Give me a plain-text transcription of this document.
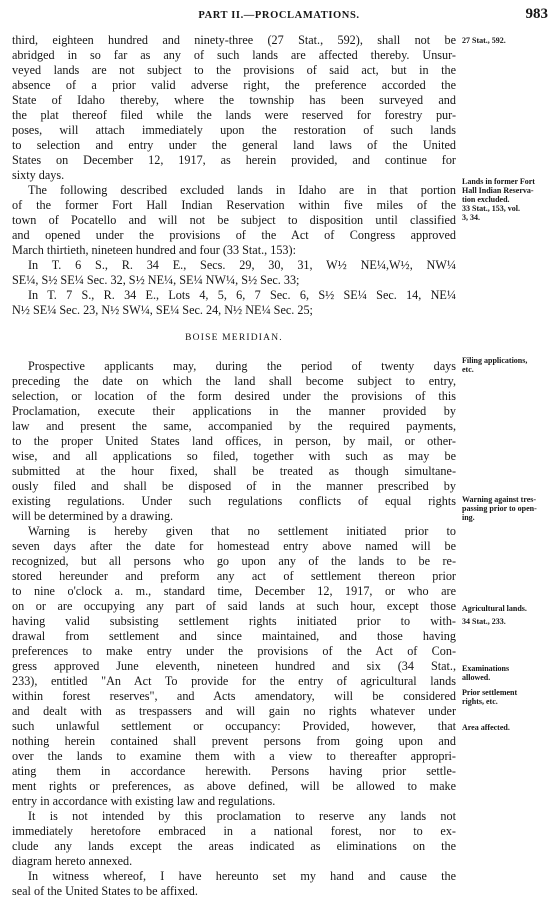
PART II.—PROCLAMATIONS.	983
third, eighteen hundred and ninety-three (27 Stat., 592), shall not be
abridged in so far as any of such lands are affected thereby. Unsur-
veyed lands are not subject to the provisions of said act, but in the
absence of a prior valid adverse right, the preference accorded the
State of Idaho thereby, where the township has been surveyed and
the plat thereof filed while the lands were reserved for forestry pur-
poses, will attach immediately upon the restoration of such lands
to selection and entry under the general land laws of the United
States on December 12, 1917, as herein provided, and continue for
sixty days.
The following described excluded lands in Idaho are in that portion
of the former Fort Hall Indian Reservation within five miles of the
town of Pocatello and will not be subject to disposition until classified
and opened under the provisions of the Act of Congress approved
March thirtieth, nineteen hundred and four (33 Stat., 153):
In T. 6 S., R. 34 E., Secs. 29, 30, 31, W½ NE¼,W½, NW¼
SE¼, S½ SE¼ Sec. 32, S½ NE¼, SE¼ NW¼, S½ Sec. 33;
In T. 7 S., R. 34 E., Lots 4, 5, 6, 7 Sec. 6, S½ SE¼ Sec. 14, NE¼
N½ SE¼ Sec. 23, N½ SW¼, SE¼ Sec. 24, N½ NE¼ Sec. 25;
BOISE MERIDIAN.
Prospective applicants may, during the period of twenty days
preceding the date on which the land shall become subject to entry,
selection, or location of the form desired under the provisions of this
Proclamation, execute their applications in the manner provided by
law and present the same, accompanied by the required payments,
to the proper United States land offices, in person, by mail, or other-
wise, and all applications so filed, together with such as may be
submitted at the hour fixed, shall be treated as though simultane-
ously filed and shall be disposed of in the manner prescribed by
existing regulations. Under such regulations conflicts of equal rights
will be determined by a drawing.
Warning is hereby given that no settlement initiated prior to
seven days after the date for homestead entry above named will be
recognized, but all persons who go upon any of the lands to be re-
stored hereunder and preform any act of settlement thereon prior
to nine o'clock a. m., standard time, December 12, 1917, or who are
on or are occupying any part of said lands at such hour, except those
having valid subsisting settlement rights initiated prior to with-
drawal from settlement and since maintained, and those having
preferences to make entry under the provisions of the Act of Con-
gress approved June eleventh, nineteen hundred and six (34 Stat.,
233), entitled "An Act To provide for the entry of agricultural lands
within forest reserves", and Acts amendatory, will be considered
and dealt with as trespassers and will gain no rights whatever under
such unlawful settlement or occupancy: Provided, however, that
nothing herein contained shall prevent persons from going upon and
over the lands to examine them with a view to thereafter appropri-
ating them in accordance herewith. Persons having prior settle-
ment rights or preferences, as above defined, will be allowed to make
entry in accordance with existing law and regulations.
It is not intended by this proclamation to reserve any lands not
immediately heretofore embraced in a national forest, nor to ex-
clude any lands except the areas indicated as eliminations on the
diagram hereto annexed.
In witness whereof, I have hereunto set my hand and cause the
seal of the United States to be affixed.
27 Stat., 592.
Lands in former Fort
Hall Indian Reserva-
tion excluded.
33 Stat., 153, vol.
3, 34.
Filing applications,
etc.
Warning against tres-
passing prior to open-
ing.
Agricultural lands.
34 Stat., 233.
Examinations
allowed.
Prior settlement
rights, etc.
Area affected.
